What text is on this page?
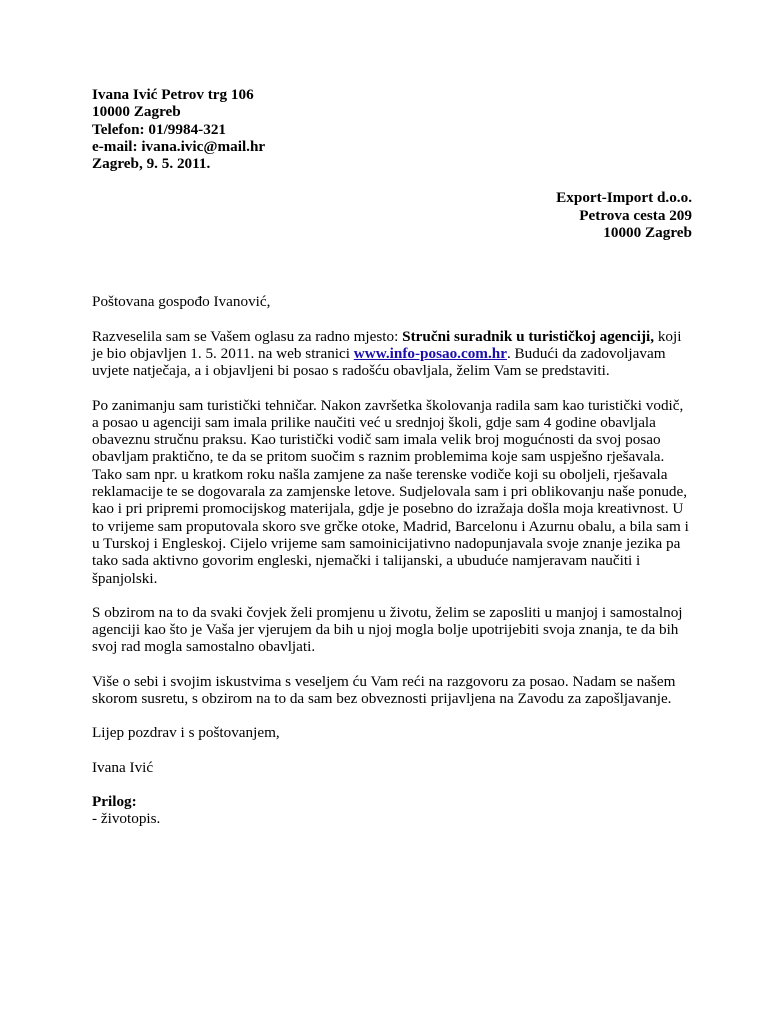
Ivana Ivić Petrov trg 106
10000 Zagreb
Telefon: 01/9984-321
e-mail: ivana.ivic@mail.hr
Zagreb, 9. 5. 2011.
Export-Import d.o.o.
Petrova cesta 209
10000 Zagreb

Poštovana gospođo Ivanović,

Razveselila sam se Vašem oglasu za radno mjesto: Stručni suradnik u turističkoj agenciji, koji je bio objavljen 1. 5. 2011. na web stranici www.info-posao.com.hr. Budući da zadovoljavam uvjete natječaja, a i objavljeni bi posao s radošću obavljala, želim Vam se predstaviti.

Po zanimanju sam turistički tehničar. Nakon završetka školovanja radila sam kao turistički vodič, a posao u agenciji sam imala prilike naučiti već u srednjoj školi, gdje sam 4 godine obavljala obaveznu stručnu praksu. Kao turistički vodič sam imala velik broj mogućnosti da svoj posao obavljam praktično, te da se pritom suočim s raznim problemima koje sam uspješno rješavala. Tako sam npr. u kratkom roku našla zamjene za naše terenske vodiče koji su oboljeli, rješavala reklamacije te se dogovarala za zamjenske letove. Sudjelovala sam i pri oblikovanju naše ponude, kao i pri pripremi promocijskog materijala, gdje je posebno do izražaja došla moja kreativnost. U to vrijeme sam proputovala skoro sve grčke otoke, Madrid, Barcelonu i Azurnu obalu, a bila sam i u Turskoj i Engleskoj. Cijelo vrijeme sam samoinicijativno nadopunjavala svoje znanje jezika pa tako sada aktivno govorim engleski, njemački i talijanski, a ubuduće namjeravam naučiti i španjolski.

S obzirom na to da svaki čovjek želi promjenu u životu, želim se zaposliti u manjoj i samostalnoj agenciji kao što je Vaša jer vjerujem da bih u njoj mogla bolje upotrijebiti svoja znanja, te da bih svoj rad mogla samostalno obavljati.

Više o sebi i svojim iskustvima s veseljem ću Vam reći na razgovoru za posao. Nadam se našem skorom susretu, s obzirom na to da sam bez obveznosti prijavljena na Zavodu za zapošljavanje.

Lijep pozdrav i s poštovanjem,

Ivana Ivić

Prilog:
- životopis.
